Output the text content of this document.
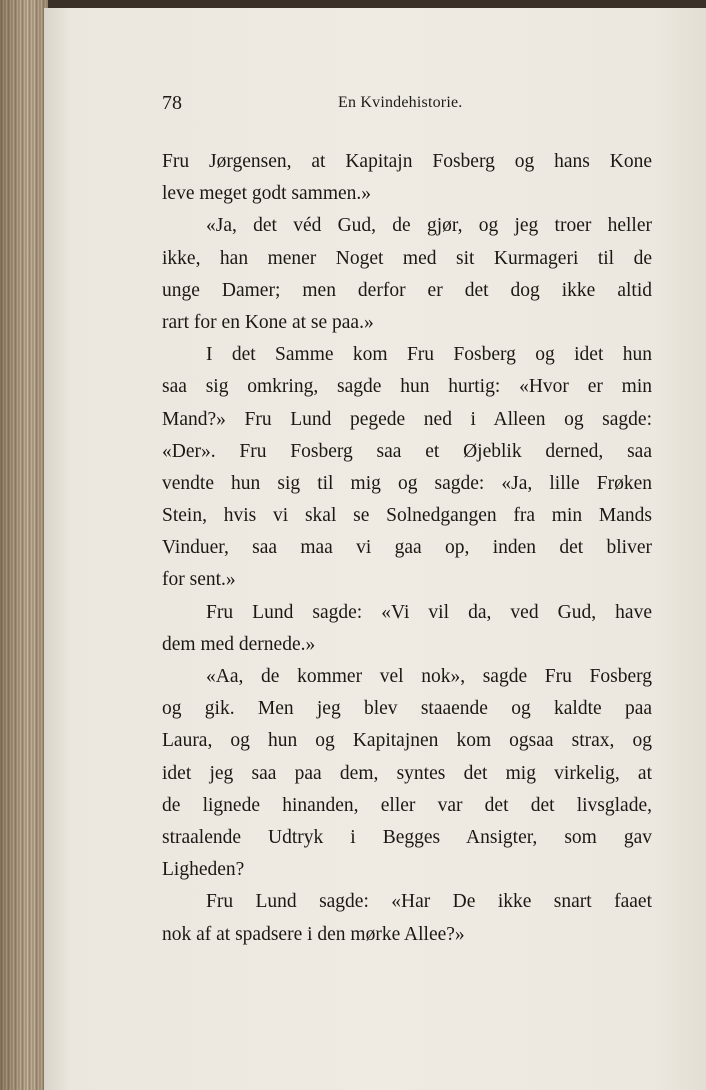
78	En Kvindehistorie.
Fru Jørgensen, at Kapitajn Fosberg og hans Kone
leve meget godt sammen.»
«Ja, det véd Gud, de gjør, og jeg troer heller
ikke, han mener Noget med sit Kurmageri til de
unge Damer; men derfor er det dog ikke altid
rart for en Kone at se paa.»
I det Samme kom Fru Fosberg og idet hun
saa sig omkring, sagde hun hurtig: «Hvor er min
Mand?» Fru Lund pegede ned i Alleen og sagde:
«Der». Fru Fosberg saa et Øjeblik derned, saa
vendte hun sig til mig og sagde: «Ja, lille Frøken
Stein, hvis vi skal se Solnedgangen fra min Mands
Vinduer, saa maa vi gaa op, inden det bliver
for sent.»
Fru Lund sagde: «Vi vil da, ved Gud, have
dem med dernede.»
«Aa, de kommer vel nok», sagde Fru Fosberg
og gik. Men jeg blev staaende og kaldte paa
Laura, og hun og Kapitajnen kom ogsaa strax, og
idet jeg saa paa dem, syntes det mig virkelig, at
de lignede hinanden, eller var det det livsglade,
straalende Udtryk i Begges Ansigter, som gav
Ligheden?
Fru Lund sagde: «Har De ikke snart faaet
nok af at spadsere i den mørke Allee?»
